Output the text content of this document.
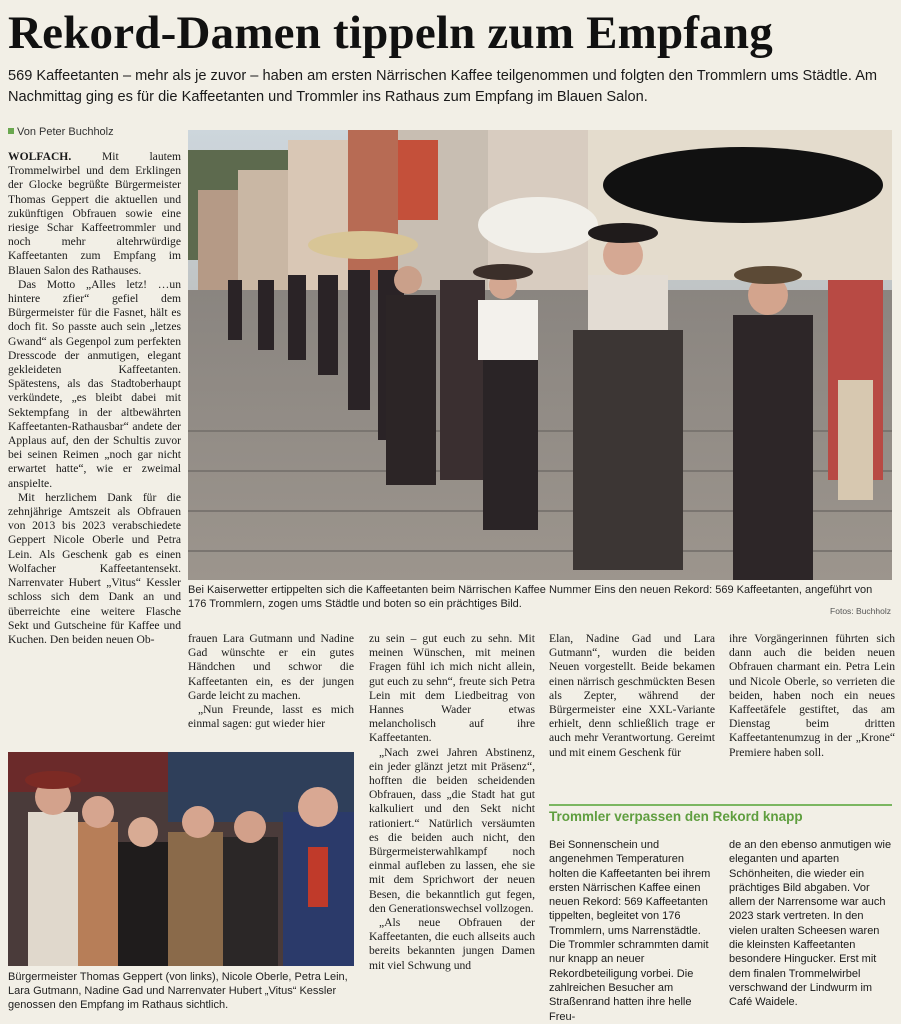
Rekord-Damen tippeln zum Empfang
569 Kaffeetanten – mehr als je zuvor – haben am ersten Närrischen Kaffee teilgenommen und folgten den Trommlern ums Städtle. Am Nachmittag ging es für die Kaffeetanten und Trommler ins Rathaus zum Empfang im Blauen Salon.
Von Peter Buchholz

WOLFACH.	Mit lautem Trommelwirbel und dem Erklingen der Glocke begrüßte Bürgermeister Thomas Geppert die aktuellen und zukünftigen Obfrauen sowie eine riesige Schar Kaffeetrommler und noch mehr altehrwürdige Kaffeetanten zum Empfang im Blauen Salon des Rathauses.

Das Motto „Alles letz! …un hintere zfier“ gefiel dem Bürgermeister für die Fasnet, hält es doch fit. So passte auch sein „letzes Gwand“ als Gegenpol zum perfekten Dresscode der anmutigen, elegant gekleideten Kaffeetanten. Spätestens, als das Stadtoberhaupt verkündete, „es bleibt dabei mit Sektempfang in der altbewährten Kaffeetanten-Rathausbar“ andete der Applaus auf, den der Schultis zuvor bei seinen Reimen „noch gar nicht erwartet hatte“, wie er zweimal anspielte.

Mit herzlichem Dank für die zehnjährige Amtszeit als Obfrauen von 2013 bis 2023 verabschiedete Geppert Nicole Oberle und Petra Lein. Als Geschenk gab es einen Wolfacher Kaffeetantensekt. Narrenvater Hubert „Vitus“ Kessler schloss sich dem Dank an und überreichte eine weitere Flasche Sekt und Gutscheine für Kaffee und Kuchen. Den beiden neuen Ob-

Bei Kaiserwetter ertippelten sich die Kaffeetanten beim Närrischen Kaffee Nummer Eins den neuen Rekord: 569 Kaffeetanten, angeführt von 176 Trommlern, zogen ums Städtle und boten so ein prächtiges Bild.
Fotos: Buchholz

frauen Lara Gutmann und Nadine Gad wünschte er ein gutes Händchen und schwor die Kaffeetanten ein, es der jungen Garde leicht zu machen.

„Nun Freunde, lasst es mich einmal sagen: gut wieder hier

zu sein – gut euch zu sehn. Mit meinen Wünschen, mit meinen Fragen fühl ich mich nicht allein, gut euch zu sehn“, freute sich Petra Lein mit dem Liedbeitrag von Hannes Wader etwas melancholisch auf ihre Kaffeetanten.

„Nach zwei Jahren Abstinenz, ein jeder glänzt jetzt mit Präsenz“, hofften die beiden scheidenden Obfrauen, dass „die Stadt hat gut kalkuliert und den Sekt nicht rationiert.“ Natürlich versäumten es die beiden auch nicht, den Bürgermeisterwahlkampf noch einmal aufleben zu lassen, ehe sie mit dem Sprichwort der neuen Besen, die bekanntlich gut fegen, den Generationswechsel vollzogen.

„Als neue Obfrauen der Kaffeetanten, die euch allseits auch bereits bekannten jungen Damen mit viel Schwung und

Elan, Nadine Gad und Lara Gutmann“, wurden die beiden Neuen vorgestellt. Beide bekamen einen närrisch geschmückten Besen als Zepter, während der Bürgermeister eine XXL-Variante erhielt, denn schließlich trage er auch mehr Verantwortung. Gereimt und mit einem Geschenk für

ihre Vorgängerinnen führten sich dann auch die beiden neuen Obfrauen charmant ein. Petra Lein und Nicole Oberle, so verrieten die beiden, haben noch ein neues Kaffeetäfele gestiftet, das am Dienstag beim dritten Kaffeetantenumzug in der „Krone“ Premiere haben soll.

Bürgermeister Thomas Geppert (von links), Nicole Oberle, Petra Lein, Lara Gutmann, Nadine Gad und Narrenvater Hubert „Vitus“ Kessler genossen den Empfang im Rathaus sichtlich.
Trommler verpassen den Rekord knapp
Bei Sonnenschein und angenehmen Temperaturen holten die Kaffeetanten bei ihrem ersten Närrischen Kaffee einen neuen Rekord: 569 Kaffeetanten tippelten, begleitet von 176 Trommlern, ums Narrenstädtle. Die Trommler schrammten damit nur knapp an neuer Rekordbeteiligung vorbei. Die zahlreichen Besucher am Straßenrand hatten ihre helle Freu-
de an den ebenso anmutigen wie eleganten und aparten Schönheiten, die wieder ein prächtiges Bild abgaben. Vor allem der Narrensome war auch 2023 stark vertreten. In den vielen uralten Scheesen waren die kleinsten Kaffeetanten besondere Hingucker. Erst mit dem finalen Trommelwirbel verschwand der Lindwurm im Café Waidele.
